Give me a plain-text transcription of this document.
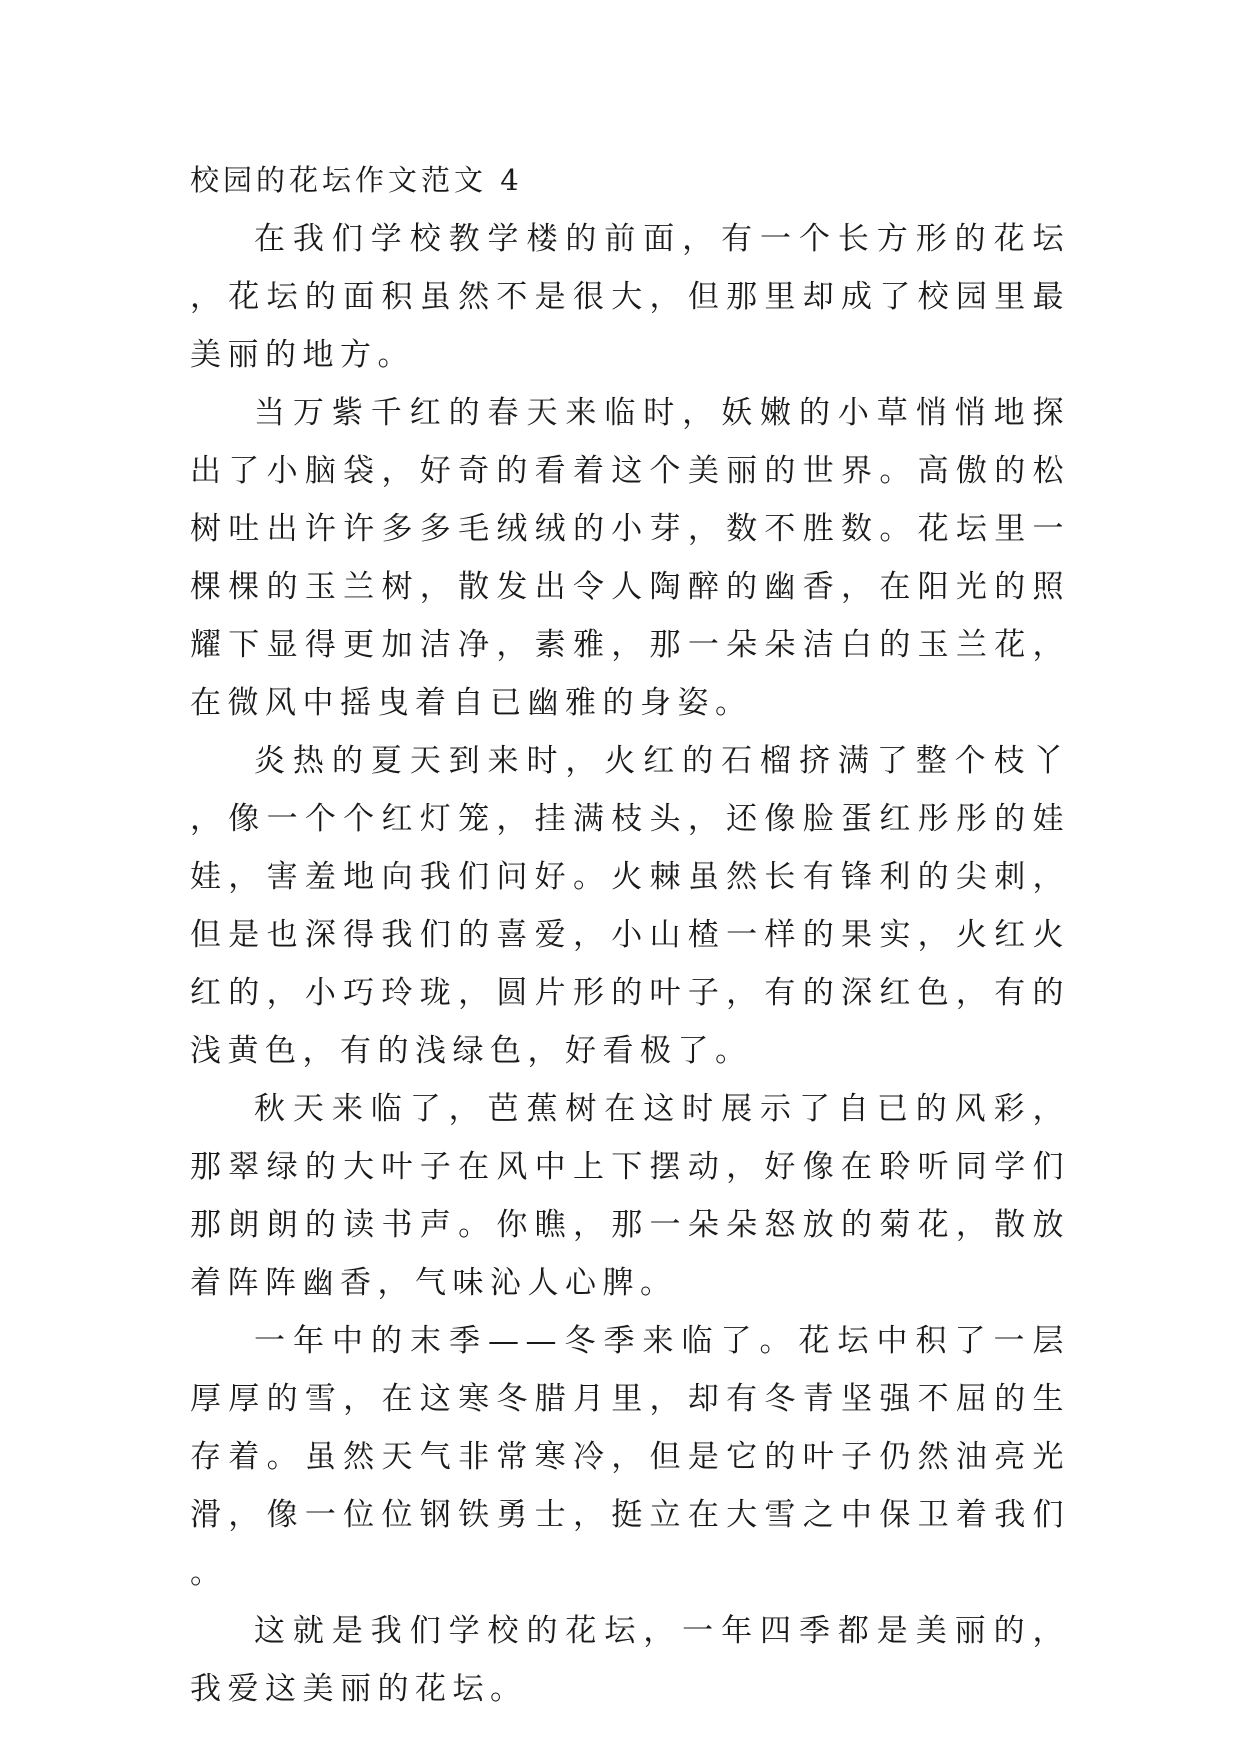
校园的花坛作文范文 4

在我们学校教学楼的前面，有一个长方形的花坛，花坛的面积虽然不是很大，但那里却成了校园里最美丽的地方。

当万紫千红的春天来临时，妖嫩的小草悄悄地探出了小脑袋，好奇的看着这个美丽的世界。高傲的松树吐出许许多多毛绒绒的小芽，数不胜数。花坛里一棵棵的玉兰树，散发出令人陶醉的幽香，在阳光的照耀下显得更加洁净，素雅，那一朵朵洁白的玉兰花，在微风中摇曳着自已幽雅的身姿。

炎热的夏天到来时，火红的石榴挤满了整个枝丫，像一个个红灯笼，挂满枝头，还像脸蛋红彤彤的娃娃，害羞地向我们问好。火棘虽然长有锋利的尖刺，但是也深得我们的喜爱，小山楂一样的果实，火红火红的，小巧玲珑，圆片形的叶子，有的深红色，有的浅黄色，有的浅绿色，好看极了。

秋天来临了，芭蕉树在这时展示了自已的风彩，那翠绿的大叶子在风中上下摆动，好像在聆听同学们那朗朗的读书声。你瞧，那一朵朵怒放的菊花，散放着阵阵幽香，气味沁人心脾。

一年中的末季——冬季来临了。花坛中积了一层厚厚的雪，在这寒冬腊月里，却有冬青坚强不屈的生存着。虽然天气非常寒冷，但是它的叶子仍然油亮光滑，像一位位钢铁勇士，挺立在大雪之中保卫着我们。

这就是我们学校的花坛，一年四季都是美丽的，我爱这美丽的花坛。
